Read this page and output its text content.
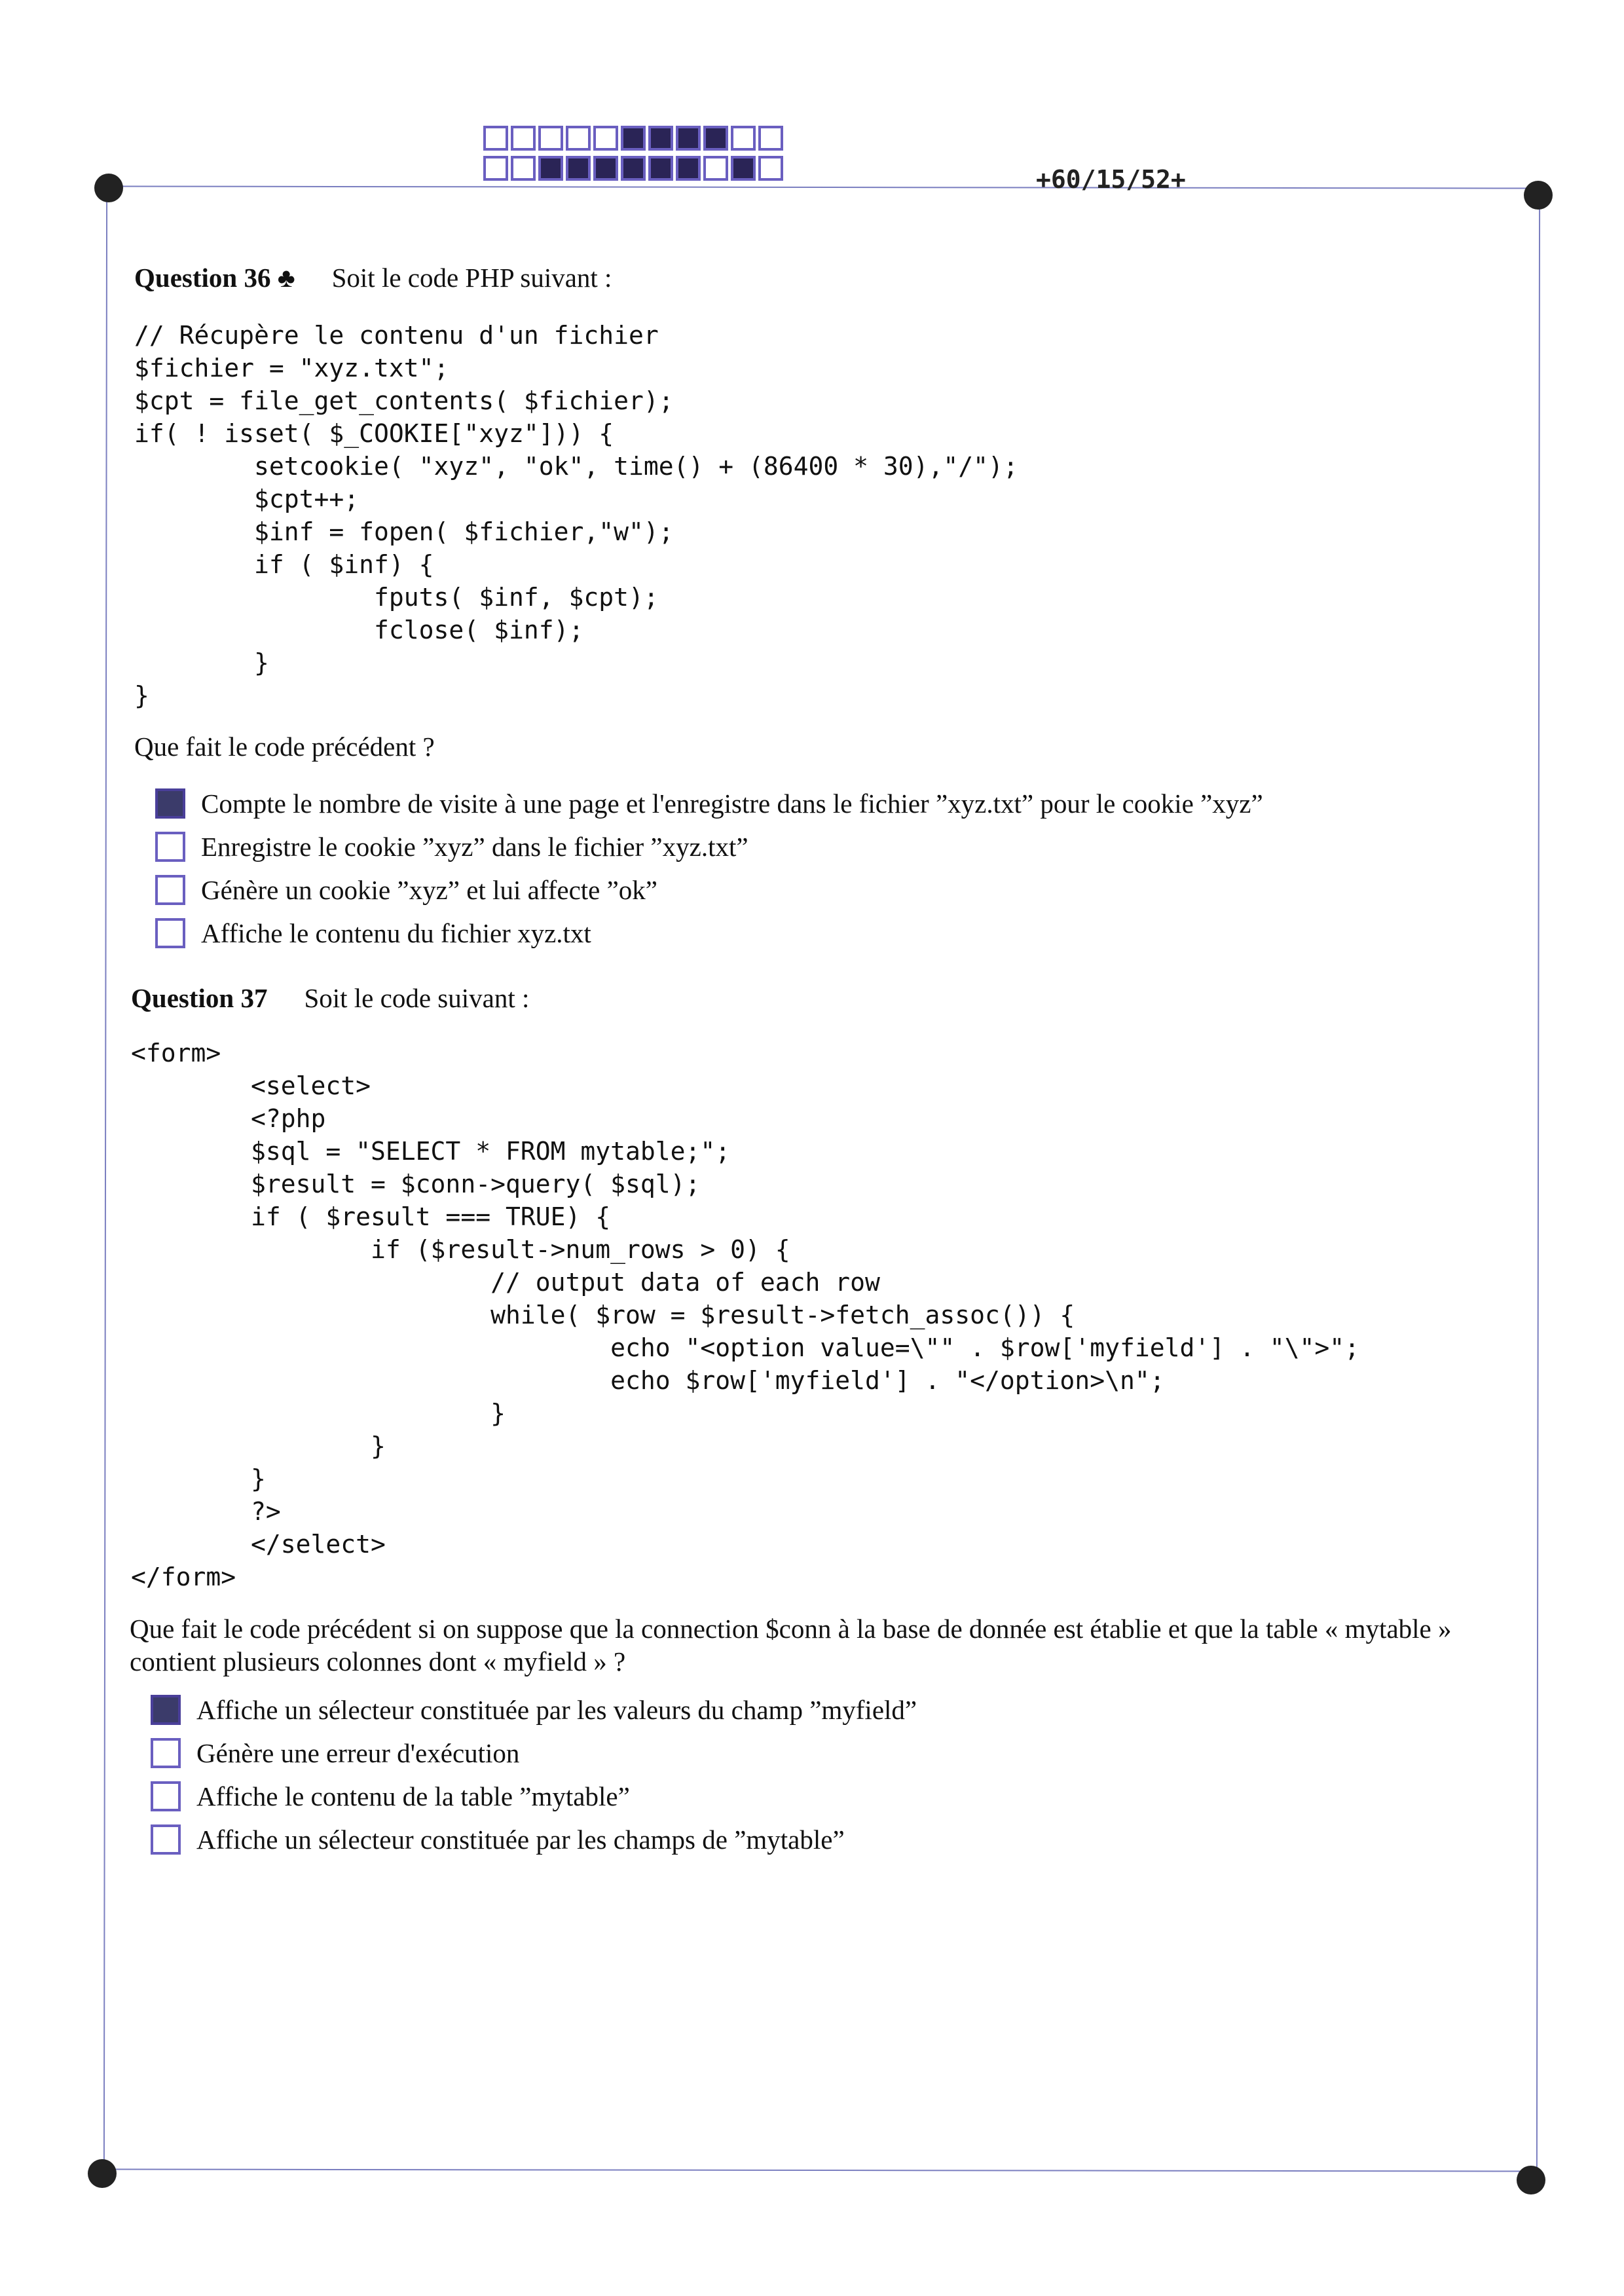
+60/15/52+
Question 36 ♣ Soit le code PHP suivant :
// Récupère le contenu d'un fichier
$fichier = "xyz.txt";
$cpt = file_get_contents( $fichier);
if( ! isset( $_COOKIE["xyz"])) {
setcookie( "xyz", "ok", time() + (86400 * 30),"/");
$cpt++;
$inf = fopen( $fichier,"w");
if ( $inf) {
fputs( $inf, $cpt);
fclose( $inf);
}
}
Que fait le code précédent ?
Compte le nombre de visite à une page et l'enregistre dans le fichier ”xyz.txt” pour le cookie ”xyz”
Enregistre le cookie ”xyz” dans le fichier ”xyz.txt”
Génère un cookie ”xyz” et lui affecte ”ok”
Affiche le contenu du fichier xyz.txt
Question 37 Soit le code suivant :
<form>
<select>
<?php
$sql = "SELECT * FROM mytable;";
$result = $conn->query( $sql);
if ( $result === TRUE) {
if ($result->num_rows > 0) {
// output data of each row
while( $row = $result->fetch_assoc()) {
echo "<option value=\"" . $row['myfield'] . "\">";
echo $row['myfield'] . "</option>\n";
}
}
}
?>
</select>
</form>
Que fait le code précédent si on suppose que la connection $conn à la base de donnée est établie et que la table « mytable » contient plusieurs colonnes dont « myfield » ?
Affiche un sélecteur constituée par les valeurs du champ ”myfield”
Génère une erreur d'exécution
Affiche le contenu de la table ”mytable”
Affiche un sélecteur constituée par les champs de ”mytable”
